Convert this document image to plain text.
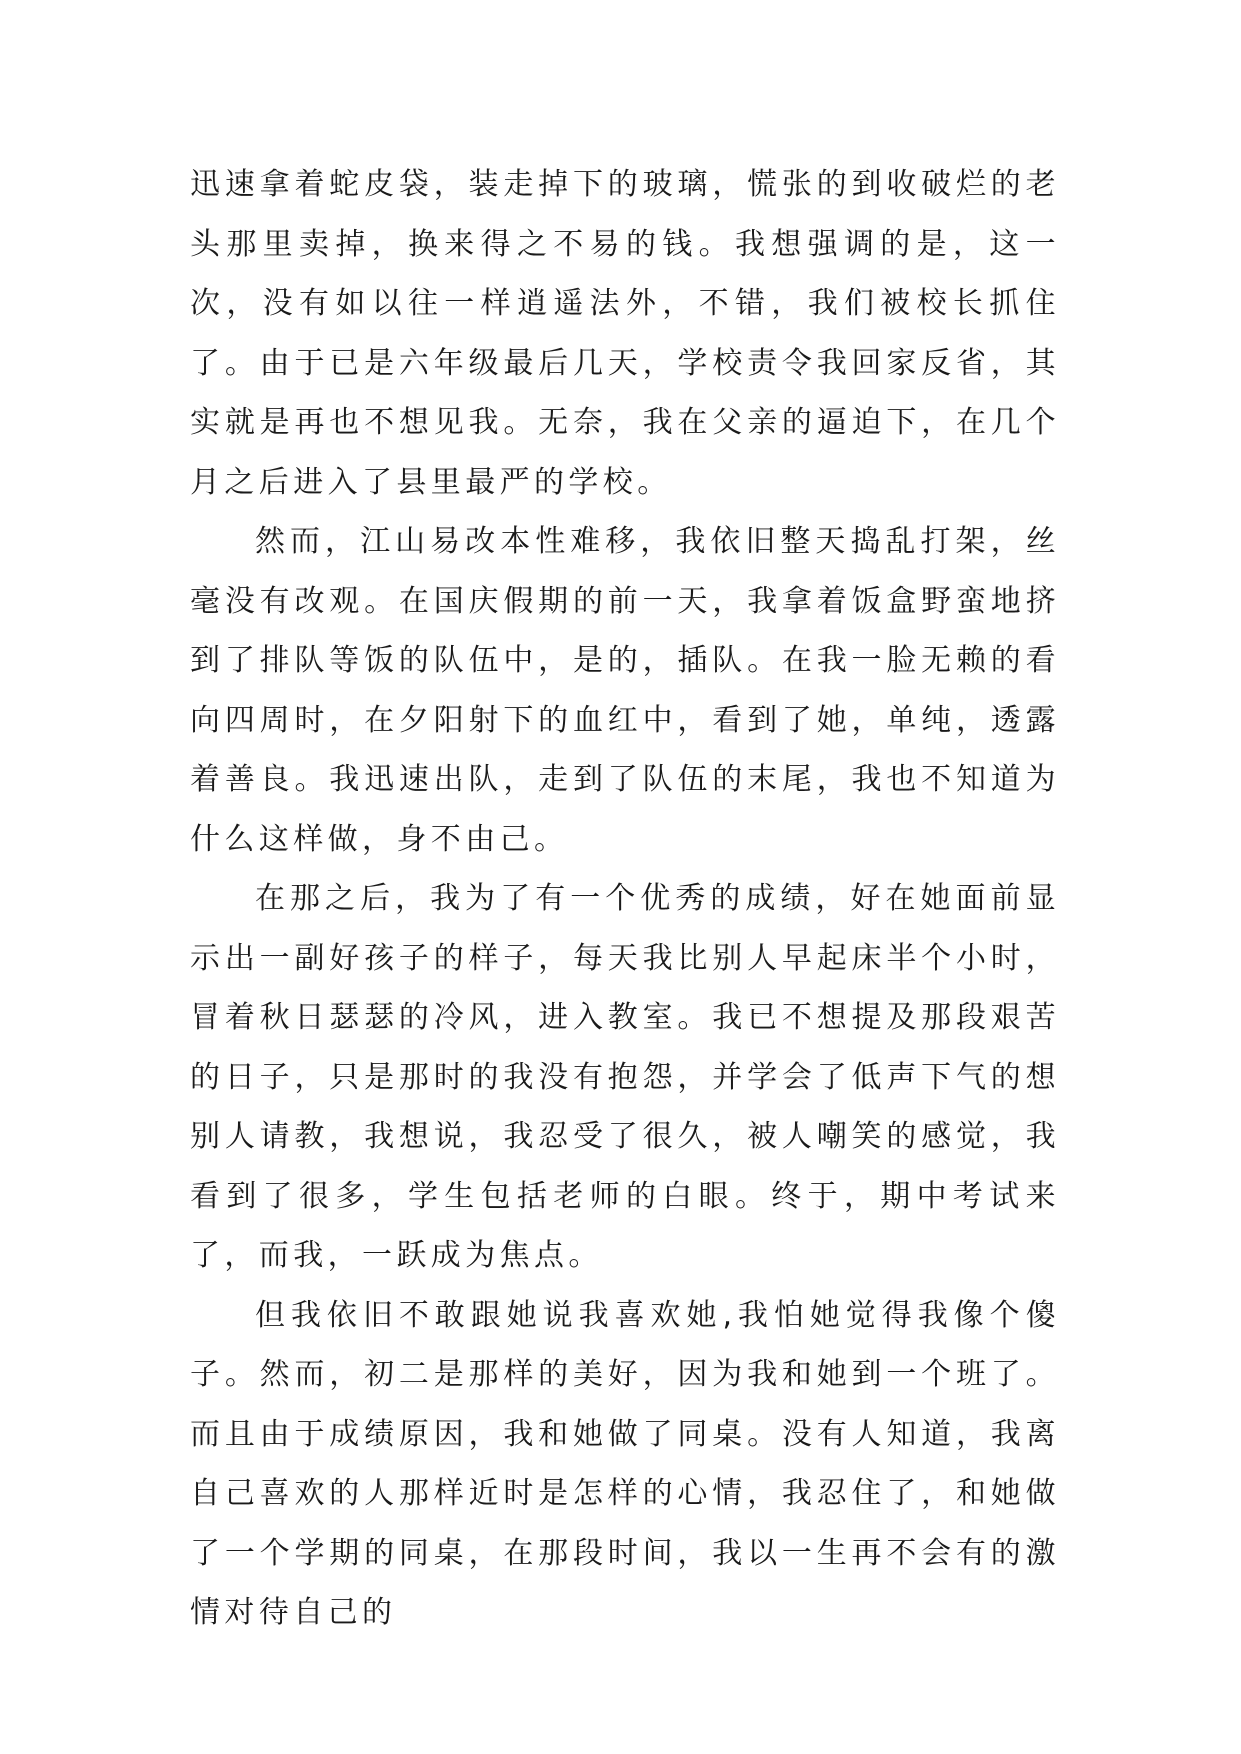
迅速拿着蛇皮袋，装走掉下的玻璃，慌张的到收破烂的老头那里卖掉，换来得之不易的钱。我想强调的是，这一次，没有如以往一样逍遥法外，不错，我们被校长抓住了。由于已是六年级最后几天，学校责令我回家反省，其实就是再也不想见我。无奈，我在父亲的逼迫下，在几个月之后进入了县里最严的学校。

然而，江山易改本性难移，我依旧整天捣乱打架，丝毫没有改观。在国庆假期的前一天，我拿着饭盒野蛮地挤到了排队等饭的队伍中，是的，插队。在我一脸无赖的看向四周时，在夕阳射下的血红中，看到了她，单纯，透露着善良。我迅速出队，走到了队伍的末尾，我也不知道为什么这样做，身不由己。

在那之后，我为了有一个优秀的成绩，好在她面前显示出一副好孩子的样子，每天我比别人早起床半个小时，冒着秋日瑟瑟的冷风，进入教室。我已不想提及那段艰苦的日子，只是那时的我没有抱怨，并学会了低声下气的想别人请教，我想说，我忍受了很久，被人嘲笑的感觉，我看到了很多，学生包括老师的白眼。终于，期中考试来了，而我，一跃成为焦点。

但我依旧不敢跟她说我喜欢她,我怕她觉得我像个傻子。然而，初二是那样的美好，因为我和她到一个班了。而且由于成绩原因，我和她做了同桌。没有人知道，我离自己喜欢的人那样近时是怎样的心情，我忍住了，和她做了一个学期的同桌，在那段时间，我以一生再不会有的激情对待自己的
